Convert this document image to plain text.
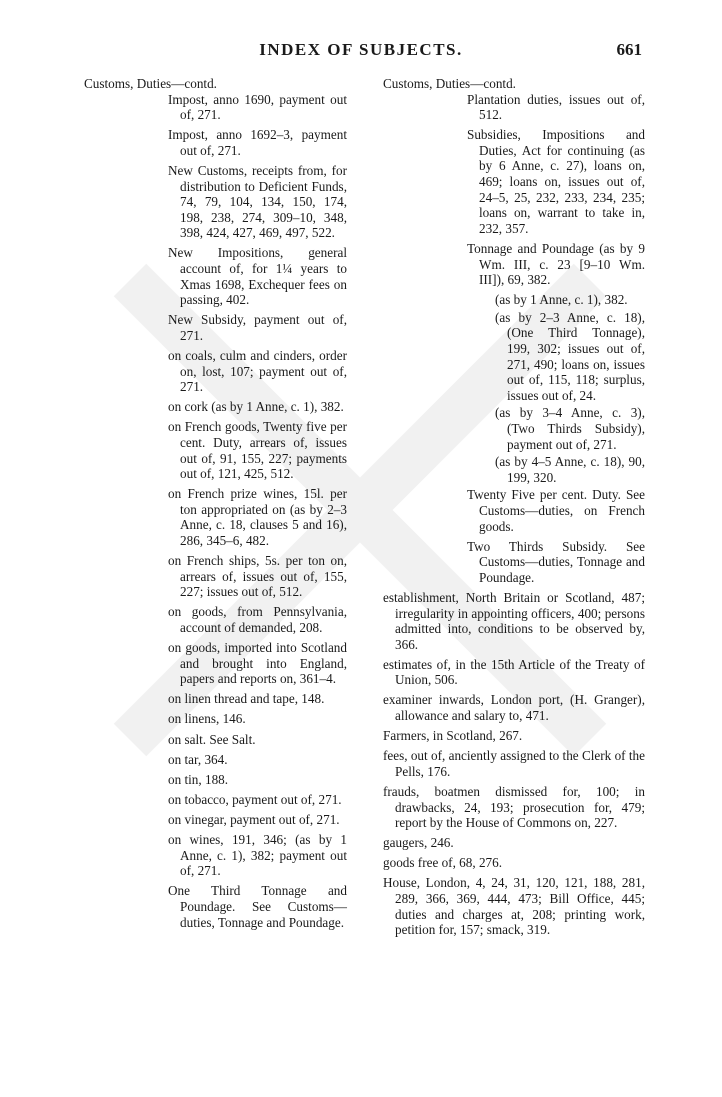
INDEX OF SUBJECTS.	661
Customs, Duties—contd.
Impost, anno 1690, payment out of, 271.
Impost, anno 1692–3, payment out of, 271.
New Customs, receipts from, for distribution to Deficient Funds, 74, 79, 104, 134, 150, 174, 198, 238, 274, 309–10, 348, 398, 424, 427, 469, 497, 522.
New Impositions, general account of, for 1¼ years to Xmas 1698, Exchequer fees on passing, 402.
New Subsidy, payment out of, 271.
on coals, culm and cinders, order on, lost, 107; payment out of, 271.
on cork (as by 1 Anne, c. 1), 382.
on French goods, Twenty five per cent. Duty, arrears of, issues out of, 91, 155, 227; payments out of, 121, 425, 512.
on French prize wines, 15l. per ton appropriated on (as by 2–3 Anne, c. 18, clauses 5 and 16), 286, 345–6, 482.
on French ships, 5s. per ton on, arrears of, issues out of, 155, 227; issues out of, 512.
on goods, from Pennsylvania, account of demanded, 208.
on goods, imported into Scotland and brought into England, papers and reports on, 361–4.
on linen thread and tape, 148.
on linens, 146.
on salt. See Salt.
on tar, 364.
on tin, 188.
on tobacco, payment out of, 271.
on vinegar, payment out of, 271.
on wines, 191, 346; (as by 1 Anne, c. 1), 382; payment out of, 271.
One Third Tonnage and Poundage. See Customs—duties, Tonnage and Poundage.
Customs, Duties—contd.
Plantation duties, issues out of, 512.
Subsidies, Impositions and Duties, Act for continuing (as by 6 Anne, c. 27), loans on, 469; loans on, issues out of, 24–5, 25, 232, 233, 234, 235; loans on, warrant to take in, 232, 357.
Tonnage and Poundage (as by 9 Wm. III, c. 23 [9–10 Wm. III]), 69, 382.
(as by 1 Anne, c. 1), 382.
(as by 2–3 Anne, c. 18), (One Third Tonnage), 199, 302; issues out of, 271, 490; loans on, issues out of, 115, 118; surplus, issues out of, 24.
(as by 3–4 Anne, c. 3), (Two Thirds Subsidy), payment out of, 271.
(as by 4–5 Anne, c. 18), 90, 199, 320.
Twenty Five per cent. Duty. See Customs—duties, on French goods.
Two Thirds Subsidy. See Customs—duties, Tonnage and Poundage.
establishment, North Britain or Scotland, 487; irregularity in appointing officers, 400; persons admitted into, conditions to be observed by, 366.
estimates of, in the 15th Article of the Treaty of Union, 506.
examiner inwards, London port, (H. Granger), allowance and salary to, 471.
Farmers, in Scotland, 267.
fees, out of, anciently assigned to the Clerk of the Pells, 176.
frauds, boatmen dismissed for, 100; in drawbacks, 24, 193; prosecution for, 479; report by the House of Commons on, 227.
gaugers, 246.
goods free of, 68, 276.
House, London, 4, 24, 31, 120, 121, 188, 281, 289, 366, 369, 444, 473; Bill Office, 445; duties and charges at, 208; printing work, petition for, 157; smack, 319.
